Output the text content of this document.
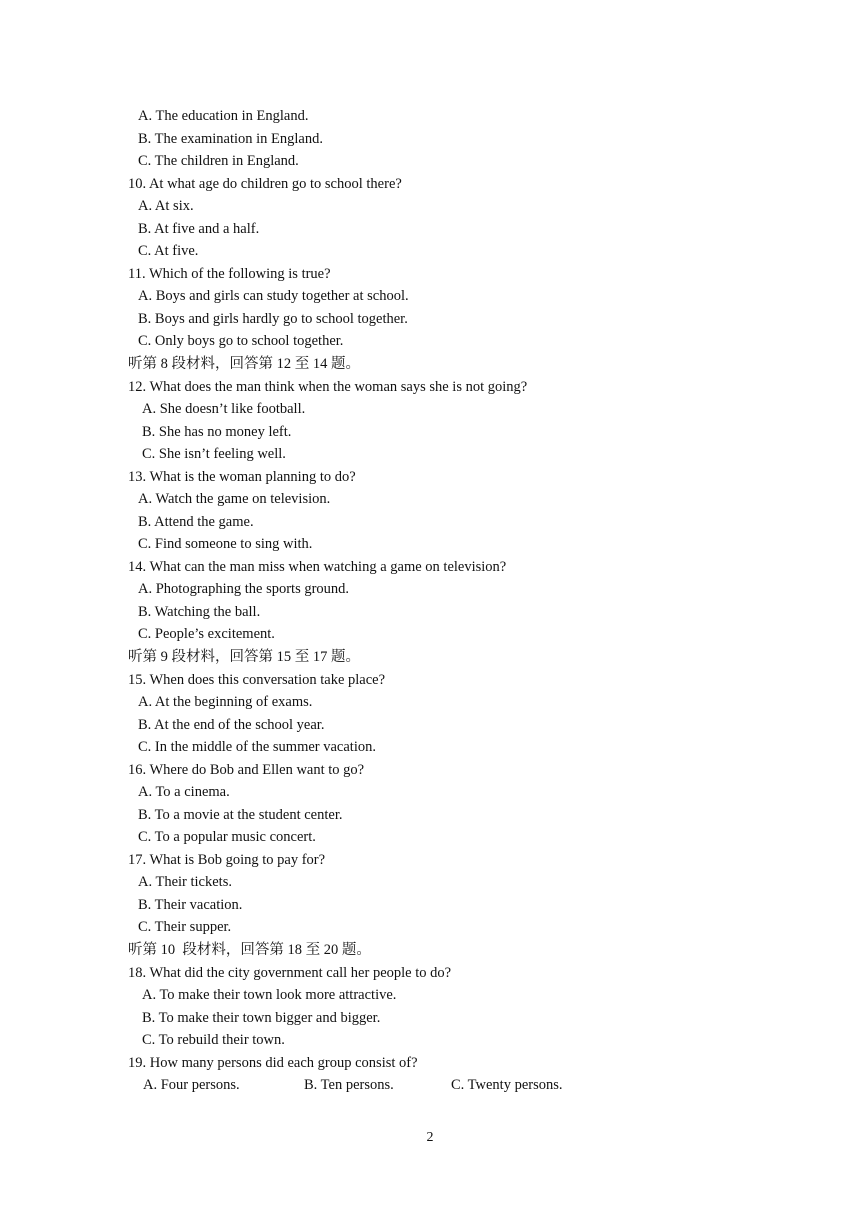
A. The education in England.
B. The examination in England.
C. The children in England.
10. At what age do children go to school there?
A. At six.
B. At five and a half.
C. At five.
11. Which of the following is true?
A. Boys and girls can study together at school.
B. Boys and girls hardly go to school together.
C. Only boys go to school together.
听第 8 段材料，回答第 12 至 14 题。
12. What does the man think when the woman says she is not going?
A. She doesn’t like football.
B. She has no money left.
C. She isn’t feeling well.
13. What is the woman planning to do?
A. Watch the game on television.
B. Attend the game.
C. Find someone to sing with.
14. What can the man miss when watching a game on television?
A. Photographing the sports ground.
B. Watching the ball.
C. People’s excitement.
听第 9 段材料，回答第 15 至 17 题。
15. When does this conversation take place?
A. At the beginning of exams.
B. At the end of the school year.
C. In the middle of the summer vacation.
16. Where do Bob and Ellen want to go?
A. To a cinema.
B. To a movie at the student center.
C. To a popular music concert.
17. What is Bob going to pay for?
A. Their tickets.
B. Their vacation.
C. Their supper.
听第 10  段材料，回答第 18 至 20 题。
18. What did the city government call her people to do?
A. To make their town look more attractive.
B. To make their town bigger and bigger.
C. To rebuild their town.
19. How many persons did each group consist of?
A. Four persons.	B. Ten persons.	C. Twenty persons.
2
